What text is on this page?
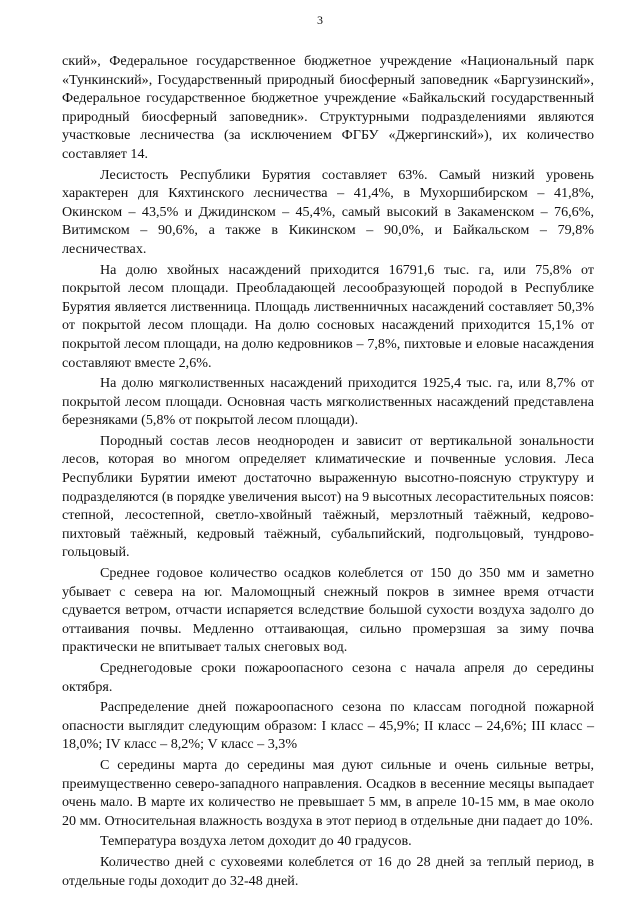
3

ский», Федеральное государственное бюджетное учреждение «Национальный парк «Тункинский», Государственный природный биосферный заповедник «Баргузинский», Федеральное государственное бюджетное учреждение «Байкальский государственный природный биосферный заповедник». Структурными подразделениями являются участковые лесничества (за исключением ФГБУ «Джергинский»), их количество составляет 14.

Лесистость Республики Бурятия составляет 63%. Самый низкий уровень характерен для Кяхтинского лесничества – 41,4%, в Мухоршибирском – 41,8%, Окинском – 43,5% и Джидинском – 45,4%, самый высокий в Закаменском – 76,6%, Витимском – 90,6%, а также в Кикинском – 90,0%, и Байкальском – 79,8% лесничествах.

На долю хвойных насаждений приходится 16791,6 тыс. га, или 75,8% от покрытой лесом площади. Преобладающей лесообразующей породой в Республике Бурятия является лиственница. Площадь лиственничных насаждений составляет 50,3% от покрытой лесом площади. На долю сосновых насаждений приходится 15,1% от покрытой лесом площади, на долю кедровников – 7,8%, пихтовые и еловые насаждения составляют вместе 2,6%.

На долю мягколиственных насаждений приходится 1925,4 тыс. га, или 8,7% от покрытой лесом площади. Основная часть мягколиственных насаждений представлена березняками (5,8% от покрытой лесом площади).

Породный состав лесов неоднороден и зависит от вертикальной зональности лесов, которая во многом определяет климатические и почвенные условия. Леса Республики Бурятии имеют достаточно выраженную высотно-поясную структуру и подразделяются (в порядке увеличения высот) на 9 высотных лесорастительных поясов: степной, лесостепной, светло-хвойный таёжный, мерзлотный таёжный, кедрово-пихтовый таёжный, кедровый таёжный, субальпийский, подгольцовый, тундрово-гольцовый.

Среднее годовое количество осадков колеблется от 150 до 350 мм и заметно убывает с севера на юг. Маломощный снежный покров в зимнее время отчасти сдувается ветром, отчасти испаряется вследствие большой сухости воздуха задолго до оттаивания почвы. Медленно оттаивающая, сильно промерзшая за зиму почва практически не впитывает талых снеговых вод.

Среднегодовые сроки пожароопасного сезона с начала апреля до середины октября.

Распределение дней пожароопасного сезона по классам погодной пожарной опасности выглядит следующим образом: I класс – 45,9%; II класс – 24,6%; III класс – 18,0%; IV класс – 8,2%; V класс – 3,3%

С середины марта до середины мая дуют сильные и очень сильные ветры, преимущественно северо-западного направления. Осадков в весенние месяцы выпадает очень мало. В марте их количество не превышает 5 мм, в апреле 10-15 мм, в мае около 20 мм. Относительная влажность воздуха в этот период в отдельные дни падает до 10%.

Температура воздуха летом доходит до 40 градусов.

Количество дней с суховеями колеблется от 16 до 28 дней за теплый период, в отдельные годы доходит до 32-48 дней.
